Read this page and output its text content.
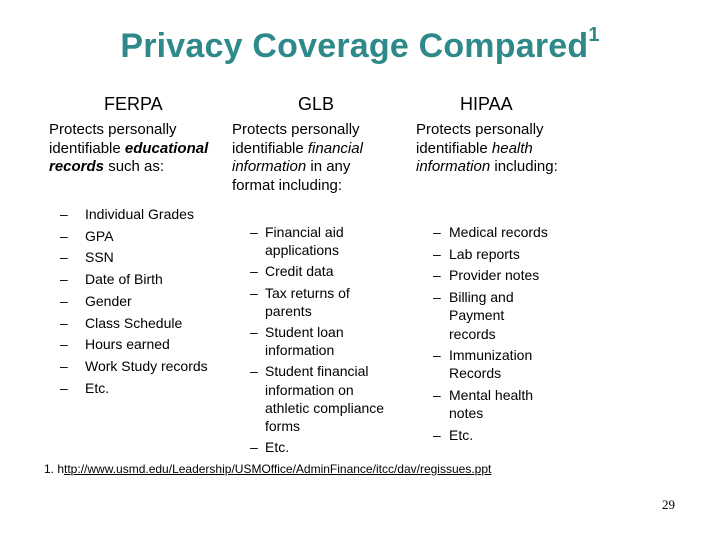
Privacy Coverage Compared$^1$
FERPA	GLB	HIPAA
Protects personally identifiable educational
records such as:
Protects personally identifiable financial information in any format including:
Protects personally identifiable health information including:
– Individual Grades
– GPA
– SSN
– Date of Birth
– Gender
– Class Schedule
– Hours earned
– Work Study records
– Etc.
– Financial aid applications
– Credit data
– Tax returns of parents
– Student loan information
– Student financial information on athletic compliance forms
– Etc.
– Medical records
– Lab reports
– Provider notes
– Billing and Payment records
– Immunization Records
– Mental health notes
– Etc.
1. http://www.usmd.edu/Leadership/USMOffice/AdminFinance/itcc/dav/regissues.ppt
29
